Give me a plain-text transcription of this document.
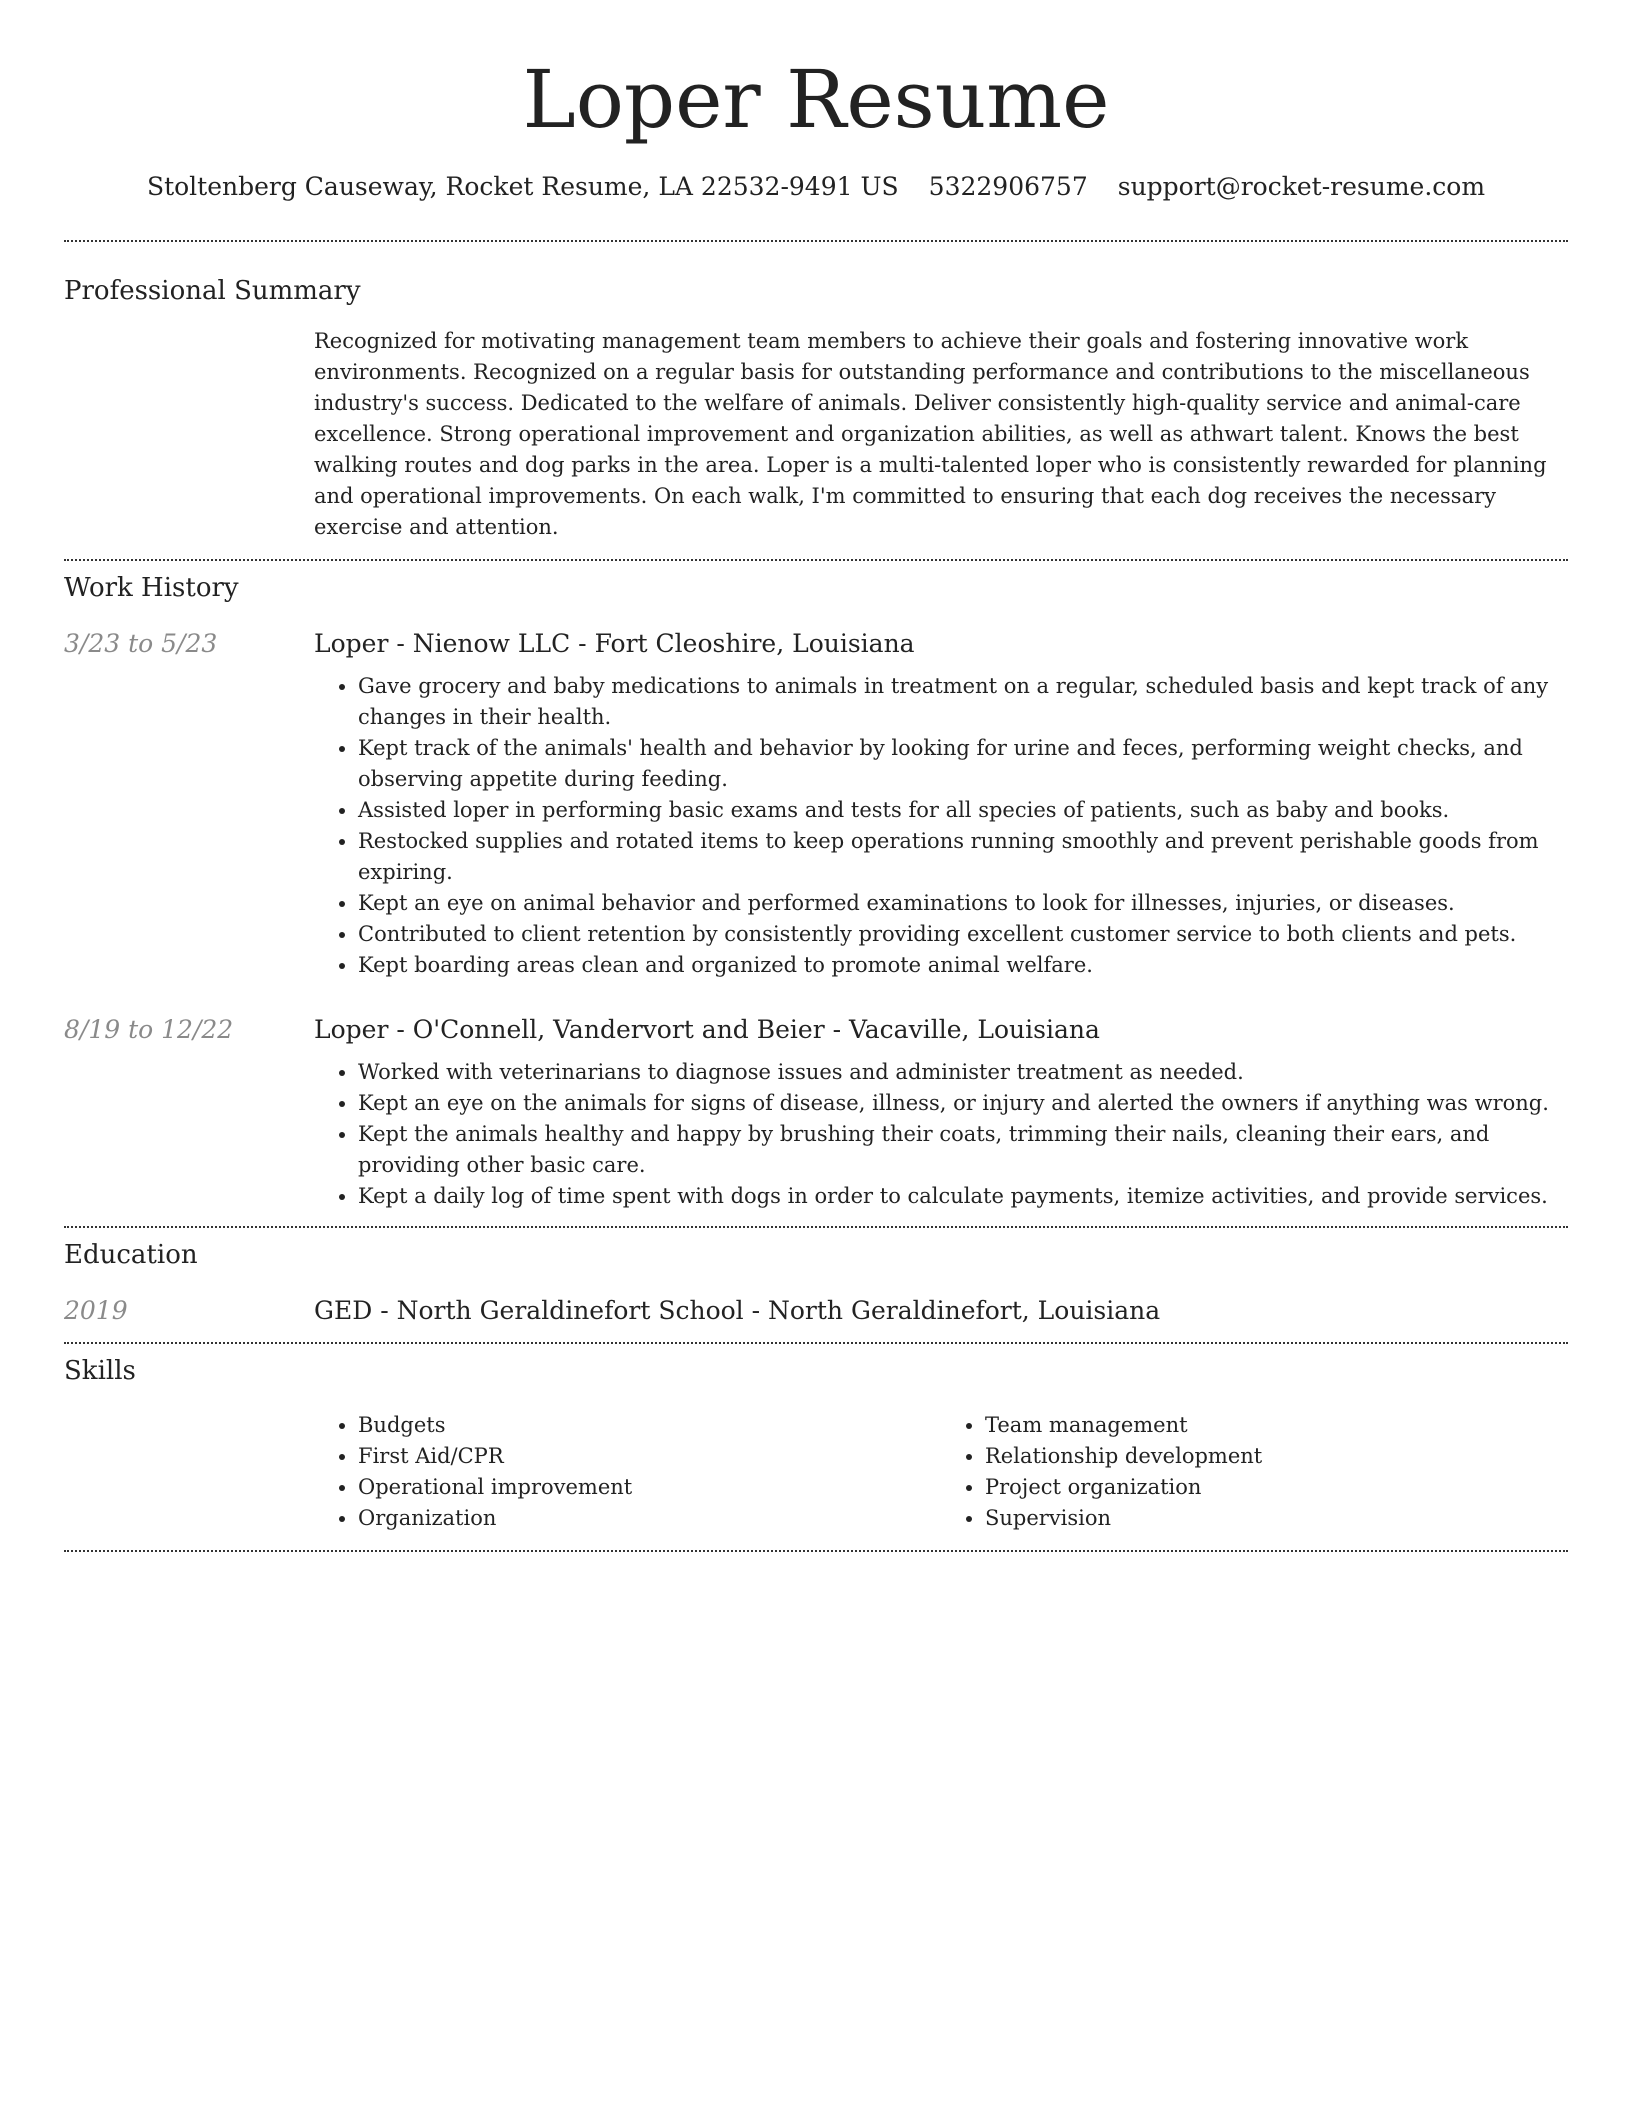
Loper Resume
Stoltenberg Causeway, Rocket Resume, LA 22532-9491 US 5322906757 support@rocket-resume.com
Professional Summary

Recognized for motivating management team members to achieve their goals and fostering innovative work environments. Recognized on a regular basis for outstanding performance and contributions to the miscellaneous industry's success. Dedicated to the welfare of animals. Deliver consistently high-quality service and animal-care excellence. Strong operational improvement and organization abilities, as well as athwart talent. Knows the best walking routes and dog parks in the area. Loper is a multi-talented loper who is consistently rewarded for planning and operational improvements. On each walk, I'm committed to ensuring that each dog receives the necessary exercise and attention.

Work History
3/23 to 5/23	Loper - Nienow LLC - Fort Cleoshire, Louisiana
• Gave grocery and baby medications to animals in treatment on a regular, scheduled basis and kept track of any changes in their health.
• Kept track of the animals' health and behavior by looking for urine and feces, performing weight checks, and observing appetite during feeding.
• Assisted loper in performing basic exams and tests for all species of patients, such as baby and books.
• Restocked supplies and rotated items to keep operations running smoothly and prevent perishable goods from expiring.
• Kept an eye on animal behavior and performed examinations to look for illnesses, injuries, or diseases.
• Contributed to client retention by consistently providing excellent customer service to both clients and pets.
• Kept boarding areas clean and organized to promote animal welfare.
8/19 to 12/22	Loper - O'Connell, Vandervort and Beier - Vacaville, Louisiana
• Worked with veterinarians to diagnose issues and administer treatment as needed.
• Kept an eye on the animals for signs of disease, illness, or injury and alerted the owners if anything was wrong.
• Kept the animals healthy and happy by brushing their coats, trimming their nails, cleaning their ears, and providing other basic care.
• Kept a daily log of time spent with dogs in order to calculate payments, itemize activities, and provide services.
Education
2019	GED - North Geraldinefort School - North Geraldinefort, Louisiana
Skills
• Budgets
• First Aid/CPR
• Operational improvement
• Organization
• Team management
• Relationship development
• Project organization
• Supervision
